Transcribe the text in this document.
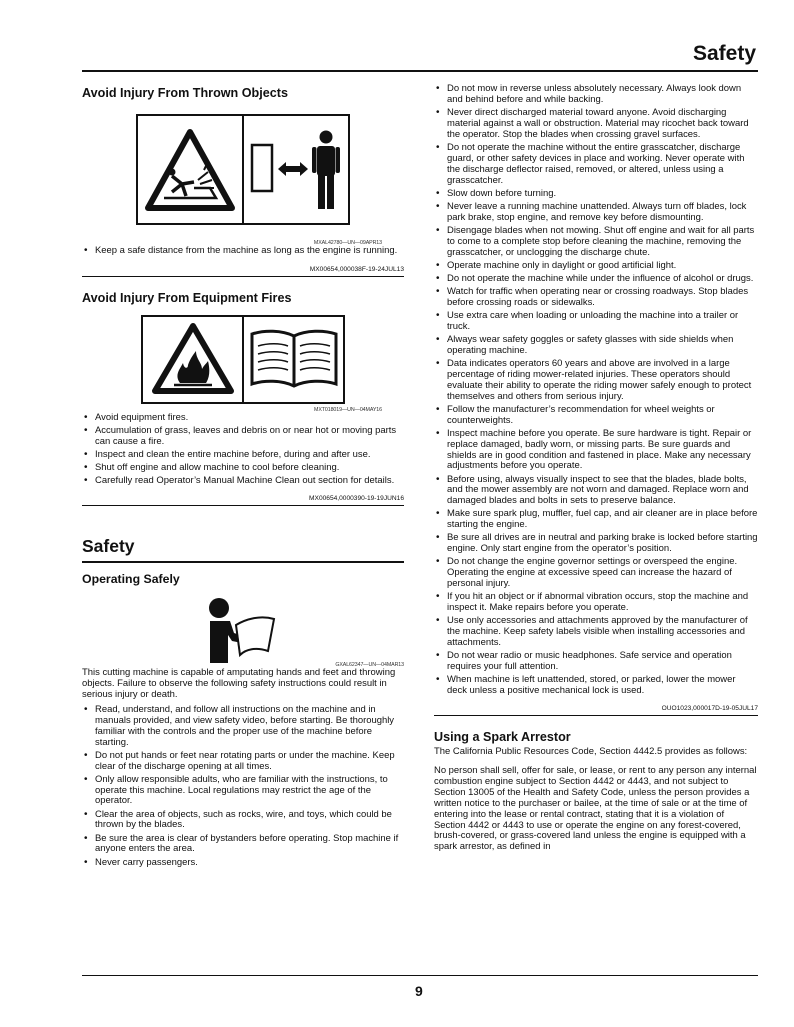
Safety
Avoid Injury From Thrown Objects
MXAL42780—UN—09APR13
• Keep a safe distance from the machine as long as the engine is running.
MX00654,000038F-19-24JUL13
Avoid Injury From Equipment Fires
MXT018019—UN—04MAY16
• Avoid equipment fires.
• Accumulation of grass, leaves and debris on or near hot or moving parts can cause a fire.
• Inspect and clean the entire machine before, during and after use.
• Shut off engine and allow machine to cool before cleaning.
• Carefully read Operator’s Manual Machine Clean out section for details.
MX00654,0000390-19-19JUN16
Safety
Operating Safely
GXAL62347—UN—04MAR13

This cutting machine is capable of amputating hands and feet and throwing objects. Failure to observe the following safety instructions could result in serious injury or death.

• Read, understand, and follow all instructions on the machine and in manuals provided, and view safety video, before starting. Be thoroughly familiar with the controls and the proper use of the machine before starting.
• Do not put hands or feet near rotating parts or under the machine. Keep clear of the discharge opening at all times.
• Only allow responsible adults, who are familiar with the instructions, to operate this machine. Local regulations may restrict the age of the operator.
• Clear the area of objects, such as rocks, wire, and toys, which could be thrown by the blades.
• Be sure the area is clear of bystanders before operating. Stop machine if anyone enters the area.
• Never carry passengers.
• Do not mow in reverse unless absolutely necessary. Always look down and behind before and while backing.
• Never direct discharged material toward anyone. Avoid discharging material against a wall or obstruction. Material may ricochet back toward the operator. Stop the blades when crossing gravel surfaces.
• Do not operate the machine without the entire grasscatcher, discharge guard, or other safety devices in place and working. Never operate with the discharge deflector raised, removed, or altered, unless using a grasscatcher.
• Slow down before turning.
• Never leave a running machine unattended. Always turn off blades, lock park brake, stop engine, and remove key before dismounting.
• Disengage blades when not mowing. Shut off engine and wait for all parts to come to a complete stop before cleaning the machine, removing the grasscatcher, or unclogging the discharge chute.
• Operate machine only in daylight or good artificial light.
• Do not operate the machine while under the influence of alcohol or drugs.
• Watch for traffic when operating near or crossing roadways. Stop blades before crossing roads or sidewalks.
• Use extra care when loading or unloading the machine into a trailer or truck.
• Always wear safety goggles or safety glasses with side shields when operating machine.
• Data indicates operators 60 years and above are involved in a large percentage of riding mower-related injuries. These operators should evaluate their ability to operate the riding mower safely enough to protect themselves and others from serious injury.
• Follow the manufacturer’s recommendation for wheel weights or counterweights.
• Inspect machine before you operate. Be sure hardware is tight. Repair or replace damaged, badly worn, or missing parts. Be sure guards and shields are in good condition and fastened in place. Make any necessary adjustments before you operate.
• Before using, always visually inspect to see that the blades, blade bolts, and the mower assembly are not worn and damaged. Replace worn and damaged blades and bolts in sets to preserve balance.
• Make sure spark plug, muffler, fuel cap, and air cleaner are in place before starting the engine.
• Be sure all drives are in neutral and parking brake is locked before starting engine. Only start engine from the operator’s position.
• Do not change the engine governor settings or overspeed the engine. Operating the engine at excessive speed can increase the hazard of personal injury.
• If you hit an object or if abnormal vibration occurs, stop the machine and inspect it. Make repairs before you operate.
• Use only accessories and attachments approved by the manufacturer of the machine. Keep safety labels visible when installing accessories and attachments.
• Do not wear radio or music headphones. Safe service and operation requires your full attention.
• When machine is left unattended, stored, or parked, lower the mower deck unless a positive mechanical lock is used.
OUO1023,000017D-19-05JUL17
Using a Spark Arrestor

The California Public Resources Code, Section 4442.5 provides as follows:

No person shall sell, offer for sale, or lease, or rent to any person any internal combustion engine subject to Section 4442 or 4443, and not subject to Section 13005 of the Health and Safety Code, unless the person provides a written notice to the purchaser or bailee, at the time of sale or at the time of entering into the lease or rental contract, stating that it is a violation of Section 4442 or 4443 to use or operate the engine on any forest-covered, brush-covered, or grass-covered land unless the engine is equipped with a spark arrestor, as defined in

9
